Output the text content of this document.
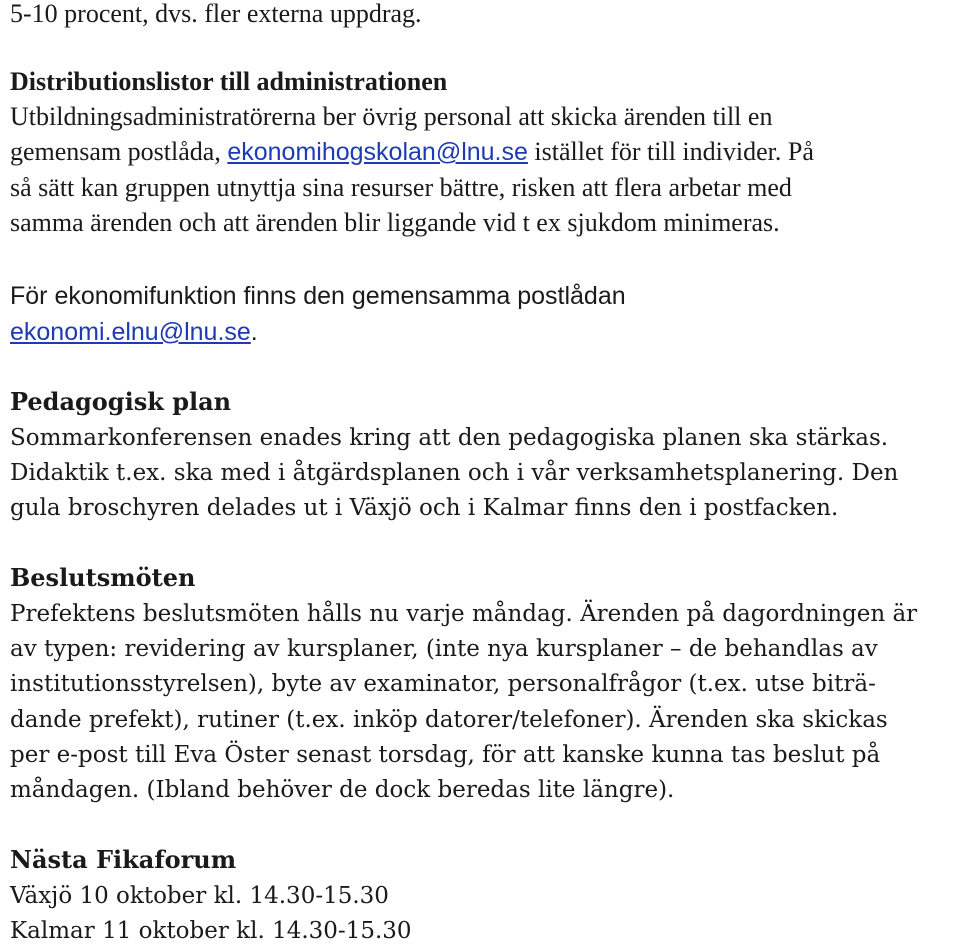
5-10 procent, dvs. fler externa uppdrag.
Distributionslistor till administrationen
Utbildningsadministratörerna ber övrig personal att skicka ärenden till en
gemensam postlåda, ekonomihogskolan@lnu.se istället för till individer. På
så sätt kan gruppen utnyttja sina resurser bättre, risken att flera arbetar med
samma ärenden och att ärenden blir liggande vid t ex sjukdom minimeras.
För ekonomifunktion finns den gemensamma postlådan
ekonomi.elnu@lnu.se.
Pedagogisk plan
Sommarkonferensen enades kring att den pedagogiska planen ska stärkas.
Didaktik t.ex. ska med i åtgärdsplanen och i vår verksamhetsplanering. Den
gula broschyren delades ut i Växjö och i Kalmar finns den i postfacken.
Beslutsmöten
Prefektens beslutsmöten hålls nu varje måndag. Ärenden på dagordningen är
av typen: revidering av kursplaner, (inte nya kursplaner – de behandlas av
institutionsstyrelsen), byte av examinator, personalfrågor (t.ex. utse biträ-
dande prefekt), rutiner (t.ex. inköp datorer/telefoner). Ärenden ska skickas
per e-post till Eva Öster senast torsdag, för att kanske kunna tas beslut på
måndagen. (Ibland behöver de dock beredas lite längre).
Nästa Fikaforum
Växjö 10 oktober kl. 14.30-15.30
Kalmar 11 oktober kl. 14.30-15.30
